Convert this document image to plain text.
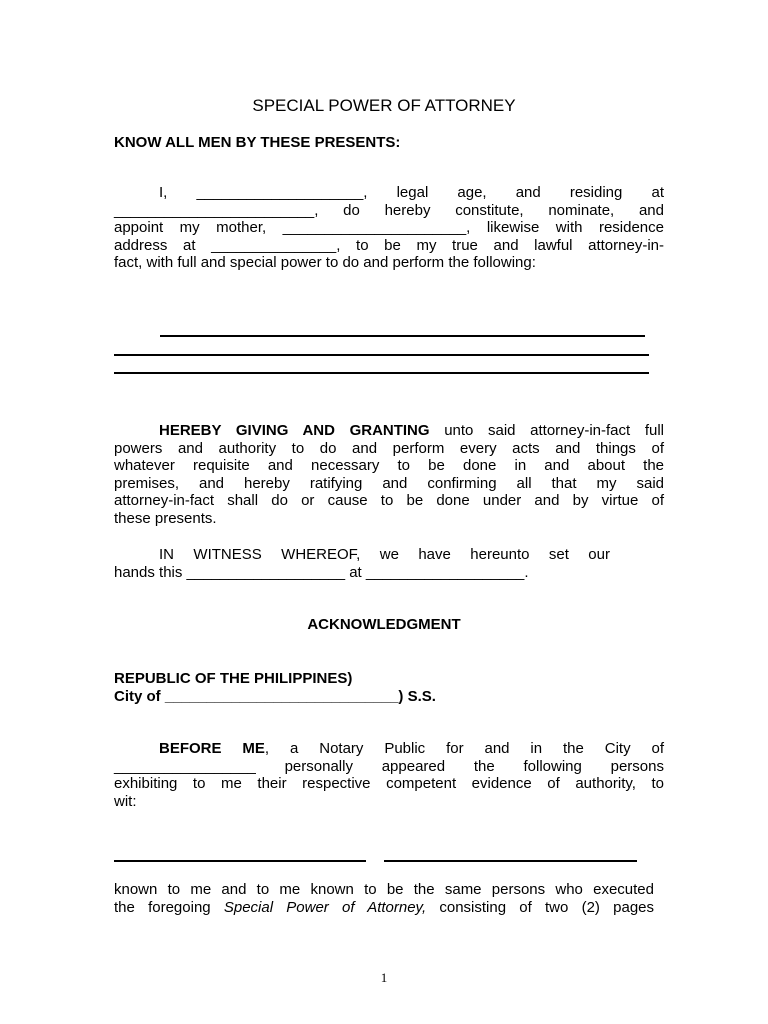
SPECIAL POWER OF ATTORNEY
KNOW ALL MEN BY THESE PRESENTS:
I, ____________________, legal age, and residing at
________________________, do hereby constitute, nominate, and
appoint my mother, ______________________, likewise with residence
address at _______________, to be my true and lawful attorney-in-
fact, with full and special power to do and perform the following:
HEREBY GIVING AND GRANTING unto said attorney-in-fact full
powers and authority to do and perform every acts and things of
whatever requisite and necessary to be done in and about the
premises, and hereby ratifying and confirming all that my said
attorney-in-fact shall do or cause to be done under and by virtue of
these presents.
IN WITNESS WHEREOF, we have hereunto set our
hands this ___________________ at ___________________.
ACKNOWLEDGMENT
REPUBLIC OF THE PHILIPPINES)
City of ____________________________) S.S.
BEFORE ME, a Notary Public for and in the City of
_________________ personally appeared the following persons
exhibiting to me their respective competent evidence of authority, to
wit:
known to me and to me known to be the same persons who executed
the foregoing Special Power of Attorney, consisting of two (2) pages
1
